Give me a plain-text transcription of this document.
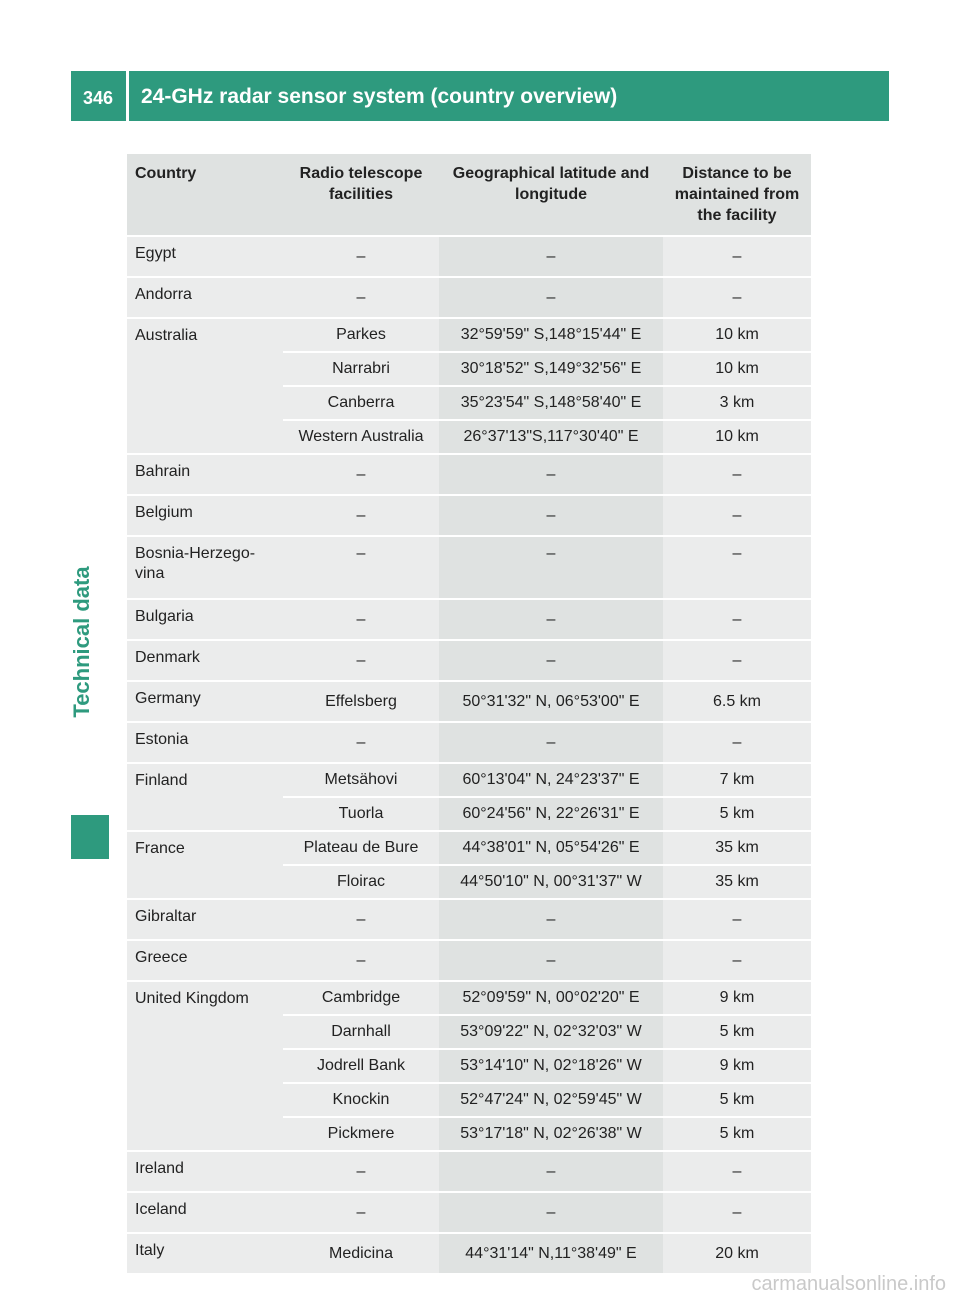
346 24-GHz radar sensor system (country overview)
Technical data
Country	Radio telescope facilities	Geographical latitude and longitude	Distance to be maintained from the facility
Egypt	–	–	–
Andorra	–	–	–
Australia	Parkes	32°59'59" S,148°15'44" E	10 km
	Narrabri	30°18'52" S,149°32'56" E	10 km
	Canberra	35°23'54" S,148°58'40" E	3 km
	Western Australia	26°37'13"S,117°30'40" E	10 km
Bahrain	–	–	–
Belgium	–	–	–
Bosnia-Herzego-vina	–	–	–
Bulgaria	–	–	–
Denmark	–	–	–
Germany	Effelsberg	50°31'32" N, 06°53'00" E	6.5 km
Estonia	–	–	–
Finland	Metsähovi	60°13'04" N, 24°23'37" E	7 km
	Tuorla	60°24'56" N, 22°26'31" E	5 km
France	Plateau de Bure	44°38'01" N, 05°54'26" E	35 km
	Floirac	44°50'10" N, 00°31'37" W	35 km
Gibraltar	–	–	–
Greece	–	–	–
United Kingdom	Cambridge	52°09'59" N, 00°02'20" E	9 km
	Darnhall	53°09'22" N, 02°32'03" W	5 km
	Jodrell Bank	53°14'10" N, 02°18'26" W	9 km
	Knockin	52°47'24" N, 02°59'45" W	5 km
	Pickmere	53°17'18" N, 02°26'38" W	5 km
Ireland	–	–	–
Iceland	–	–	–
Italy	Medicina	44°31'14" N,11°38'49" E	20 km
carmanualsonline.info
